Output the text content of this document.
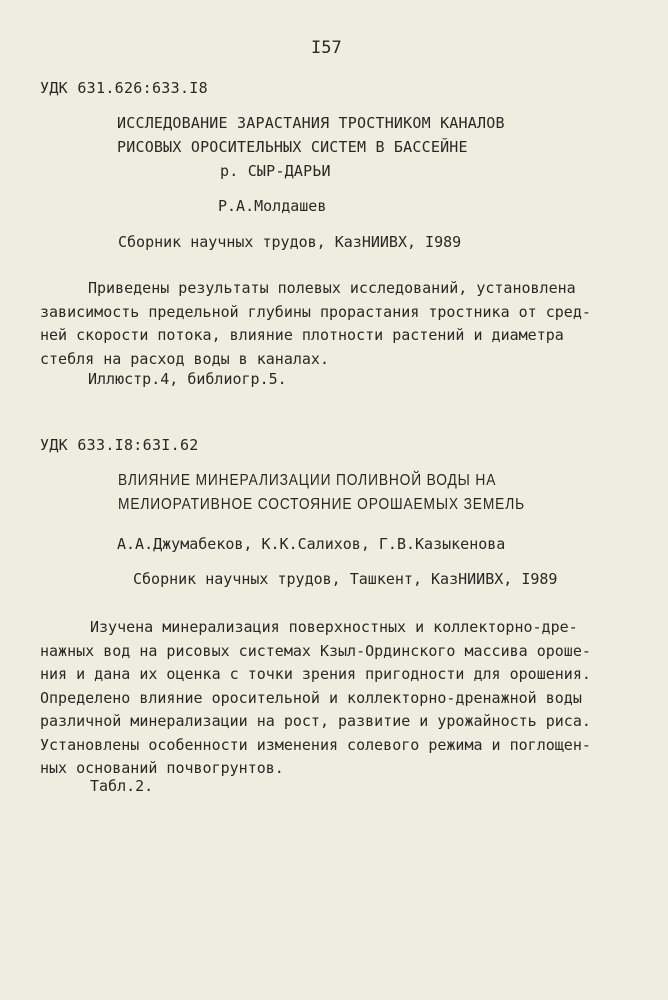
I57
УДК 631.626:633.I8
ИССЛЕДОВАНИЕ ЗАРАСТАНИЯ ТРОСТНИКОМ КАНАЛОВ
РИСОВЫХ ОРОСИТЕЛЬНЫХ СИСТЕМ В БАССЕЙНЕ
р. СЫР-ДАРЬИ
Р.А.Молдашев
Сборник научных трудов, КазНИИВХ, I989
Приведены результаты полевых исследований, установлена
зависимость предельной глубины прорастания тростника от сред-
ней скорости потока, влияние плотности растений и диаметра
стебля на расход воды в каналах.
Иллюстр.4, библиогр.5.
УДК 633.I8:63I.62
ВЛИЯНИЕ МИНЕРАЛИЗАЦИИ ПОЛИВНОЙ ВОДЫ НА
МЕЛИОРАТИВНОЕ СОСТОЯНИЕ ОРОШАЕМЫХ ЗЕМЕЛЬ
А.А.Джумабеков, К.К.Салихов, Г.В.Казыкенова
Сборник научных трудов, Ташкент, КазНИИВХ, I989
Изучена минерализация поверхностных и коллекторно-дре-
нажных вод на рисовых системах Кзыл-Ординского массива ороше-
ния и дана их оценка с точки зрения пригодности для орошения.
Определено влияние оросительной и коллекторно-дренажной воды
различной минерализации на рост, развитие и урожайность риса.
Установлены особенности изменения солевого режима и поглощен-
ных оснований почвогрунтов.
Табл.2.
